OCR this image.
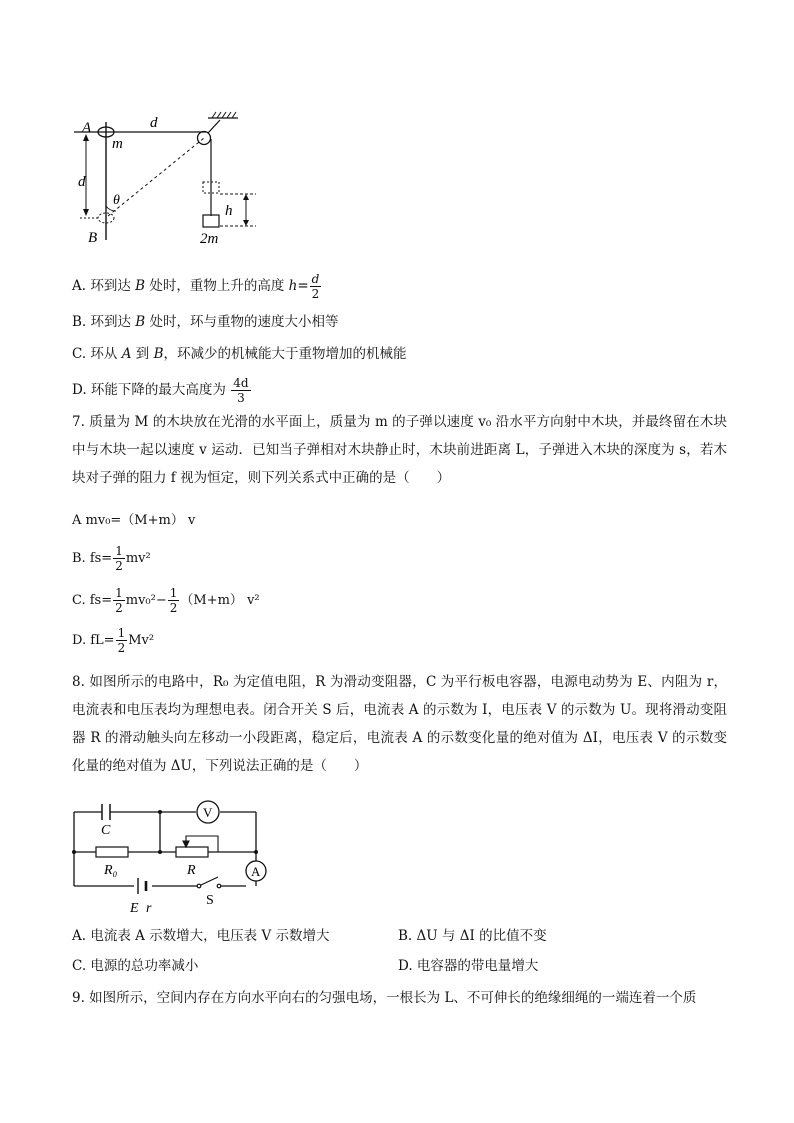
A	d
m
d
θ
B
h
2m
A. 环到达 B 处时，重物上升的高度 $h= \frac{d}{2}$
B. 环到达 B 处时，环与重物的速度大小相等
C. 环从 A 到 B，环减少的机械能大于重物增加的机械能
D. 环能下降的最大高度为 $\frac{4d}{3}$
7. 质量为 M 的木块放在光滑的水平面上，质量为 m 的子弹以速度 v₀ 沿水平方向射中木块，并最终留在木块中与木块一起以速度 v 运动．已知当子弹相对木块静止时，木块前进距离 L，子弹进入木块的深度为 s，若木块对子弹的阻力 f 视为恒定，则下列关系式中正确的是（　　）
A mv₀=（M+m） v
B. $fs= \frac{1}{2} mv^2$
C. $fs= \frac{1}{2} mv_0^2- \frac{1}{2} (M+m)$ v²
D. $fL= \frac{1}{2} Mv^2$
8. 如图所示的电路中，R₀ 为定值电阻，R 为滑动变阻器，C 为平行板电容器，电源电动势为 E、内阻为 r，电流表和电压表均为理想电表。闭合开关 S 后，电流表 A 的示数为 I，电压表 V 的示数为 U。现将滑动变阻器 R 的滑动触头向左移动一小段距离，稳定后，电流表 A 的示数变化量的绝对值为 ΔI，电压表 V 的示数变化量的绝对值为 ΔU，下列说法正确的是（　　）
C
V
R₀	R	A
E r
S
A. 电流表 A 示数增大，电压表 V 示数增大	B. ΔU 与 ΔI 的比值不变
C. 电源的总功率减小	D. 电容器的带电量增大
9. 如图所示，空间内存在方向水平向右的匀强电场，一根长为 L、不可伸长的绝缘细绳的一端连着一个质
